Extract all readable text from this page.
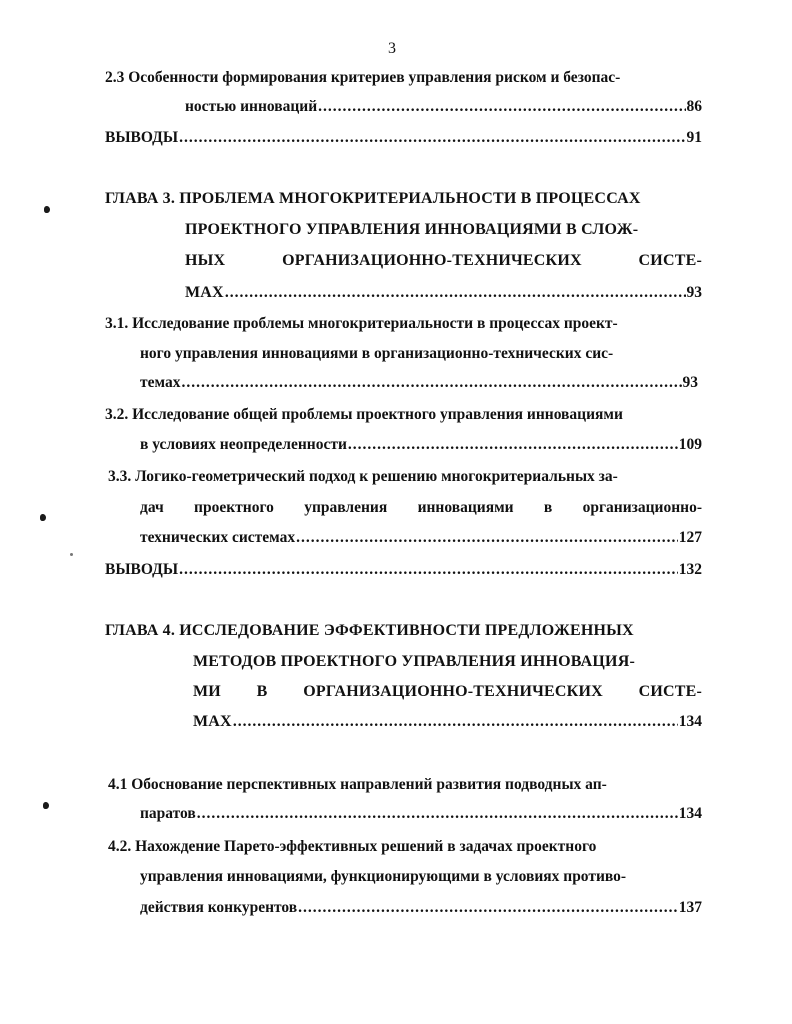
3
2.3 Особенности формирования критериев управления риском и безопас-
ностью инноваций .....	86
ВЫВОДЫ .....	91
ГЛАВА 3. ПРОБЛЕМА МНОГОКРИТЕРИАЛЬНОСТИ В ПРОЦЕССАХ
ПРОЕКТНОГО УПРАВЛЕНИЯ ИННОВАЦИЯМИ В СЛОЖ-
НЫХ	ОРГАНИЗАЦИОННО-ТЕХНИЧЕСКИХ	СИСТЕ-
МАХ .....	93
3.1. Исследование проблемы многокритериальности в процессах проект-
ного управления инновациями в организационно-технических сис-
темах .....	93
3.2. Исследование общей проблемы проектного управления инновациями
в условиях неопределенности .....	109
3.3. Логико-геометрический подход к решению многокритериальных за-
дач проектного управления инновациями в организационно-
технических системах .....	127
ВЫВОДЫ .....	132
ГЛАВА 4. ИССЛЕДОВАНИЕ ЭФФЕКТИВНОСТИ ПРЕДЛОЖЕННЫХ
МЕТОДОВ ПРОЕКТНОГО УПРАВЛЕНИЯ ИННОВАЦИЯ-
МИ В ОРГАНИЗАЦИОННО-ТЕХНИЧЕСКИХ СИСТЕ-
МАХ .....	134
4.1 Обоснование перспективных направлений развития подводных ап-
паратов .....	134
4.2. Нахождение Парето-эффективных решений в задачах проектного
управления инновациями, функционирующими в условиях противо-
действия конкурентов .....	137
